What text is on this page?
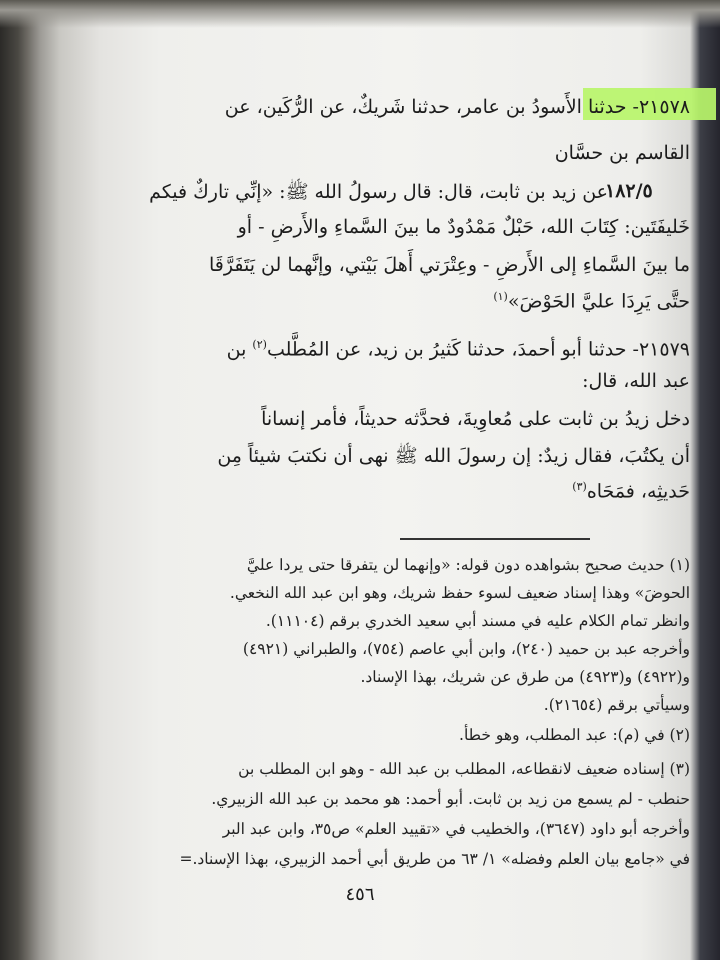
٢١٥٧٨- حدثنا الأَسودُ بن عامر، حدثنا شَريكٌ، عن الرُّكَين، عن
القاسم بن حسَّان
١٨٢/٥
عن زيد بن ثابت، قال: قال رسولُ الله ﷺ: «إنِّي تاركٌ فيكم
خَليفَتَين: كِتَابَ الله، حَبْلٌ مَمْدُودٌ ما بينَ السَّماءِ والأَرضِ - أو
ما بينَ السَّماءِ إلى الأَرضِ - وعِتْرَتي أَهلَ بَيْتي، وإنَّهما لن يَتَفَرَّقَا
حتَّى يَرِدَا عليَّ الحَوْضَ»$^{(١)}$
٢١٥٧٩- حدثنا أبو أحمدَ، حدثنا كَثيرُ بن زيد، عن المُطَّلب$^{(٢)}$ بن
عبد الله، قال:
دخل زيدُ بن ثابت على مُعاوِيةَ، فحدَّثه حديثاً، فأمر إنساناً
أن يكتُبَ، فقال زيدٌ: إن رسولَ الله ﷺ نهى أن نكتبَ شيئاً مِن
حَديثِه، فمَحَاه$^{(٣)}$
(١) حديث صحيح بشواهده دون قوله: «وإنهما لن يتفرقا حتى يردا عليَّ
الحوضَ» وهذا إسناد ضعيف لسوء حفظ شريك، وهو ابن عبد الله النخعي.
وانظر تمام الكلام عليه في مسند أبي سعيد الخدري برقم (١١١٠٤).
وأخرجه عبد بن حميد (٢٤٠)، وابن أبي عاصم (٧٥٤)، والطبراني (٤٩٢١)
و(٤٩٢٢) و(٤٩٢٣) من طرق عن شريك، بهذا الإسناد.
وسيأتي برقم (٢١٦٥٤).
(٢) في (م): عبد المطلب، وهو خطأ.
(٣) إسناده ضعيف لانقطاعه، المطلب بن عبد الله - وهو ابن المطلب بن
حنطب - لم يسمع من زيد بن ثابت. أبو أحمد: هو محمد بن عبد الله الزبيري.
وأخرجه أبو داود (٣٦٤٧)، والخطيب في «تقييد العلم» ص٣٥، وابن عبد البر
في «جامع بيان العلم وفضله» ١/ ٦٣ من طريق أبي أحمد الزبيري، بهذا الإسناد.=
٤٥٦
